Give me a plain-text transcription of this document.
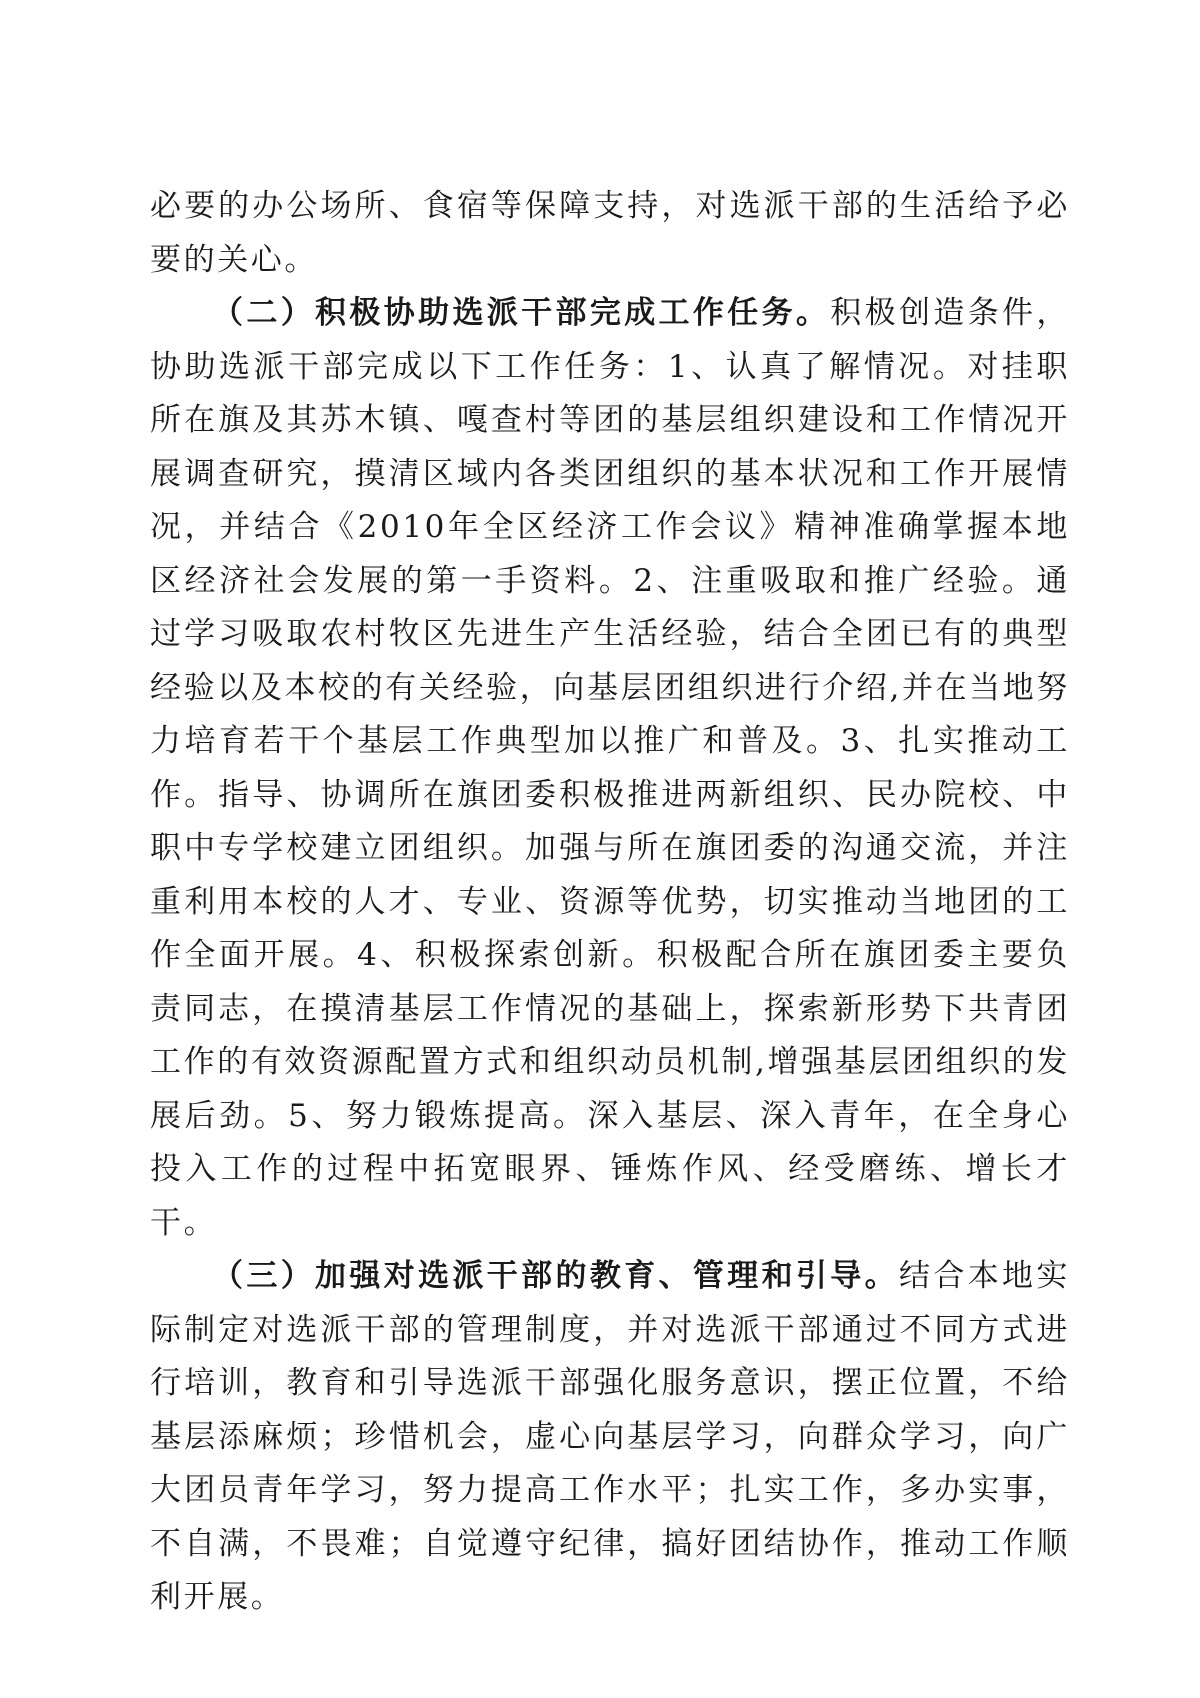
必要的办公场所、食宿等保障支持，对选派干部的生活给予必要的关心。

（二）积极协助选派干部完成工作任务。积极创造条件，协助选派干部完成以下工作任务：1、认真了解情况。对挂职所在旗及其苏木镇、嘎查村等团的基层组织建设和工作情况开展调查研究，摸清区域内各类团组织的基本状况和工作开展情况，并结合《2010年全区经济工作会议》精神准确掌握本地区经济社会发展的第一手资料。2、注重吸取和推广经验。通过学习吸取农村牧区先进生产生活经验，结合全团已有的典型经验以及本校的有关经验，向基层团组织进行介绍,并在当地努力培育若干个基层工作典型加以推广和普及。3、扎实推动工作。指导、协调所在旗团委积极推进两新组织、民办院校、中职中专学校建立团组织。加强与所在旗团委的沟通交流，并注重利用本校的人才、专业、资源等优势，切实推动当地团的工作全面开展。4、积极探索创新。积极配合所在旗团委主要负责同志，在摸清基层工作情况的基础上，探索新形势下共青团工作的有效资源配置方式和组织动员机制,增强基层团组织的发展后劲。5、努力锻炼提高。深入基层、深入青年，在全身心投入工作的过程中拓宽眼界、锤炼作风、经受磨练、增长才干。

（三）加强对选派干部的教育、管理和引导。结合本地实际制定对选派干部的管理制度，并对选派干部通过不同方式进行培训，教育和引导选派干部强化服务意识，摆正位置，不给基层添麻烦；珍惜机会，虚心向基层学习，向群众学习，向广大团员青年学习，努力提高工作水平；扎实工作，多办实事，不自满，不畏难；自觉遵守纪律，搞好团结协作，推动工作顺利开展。
